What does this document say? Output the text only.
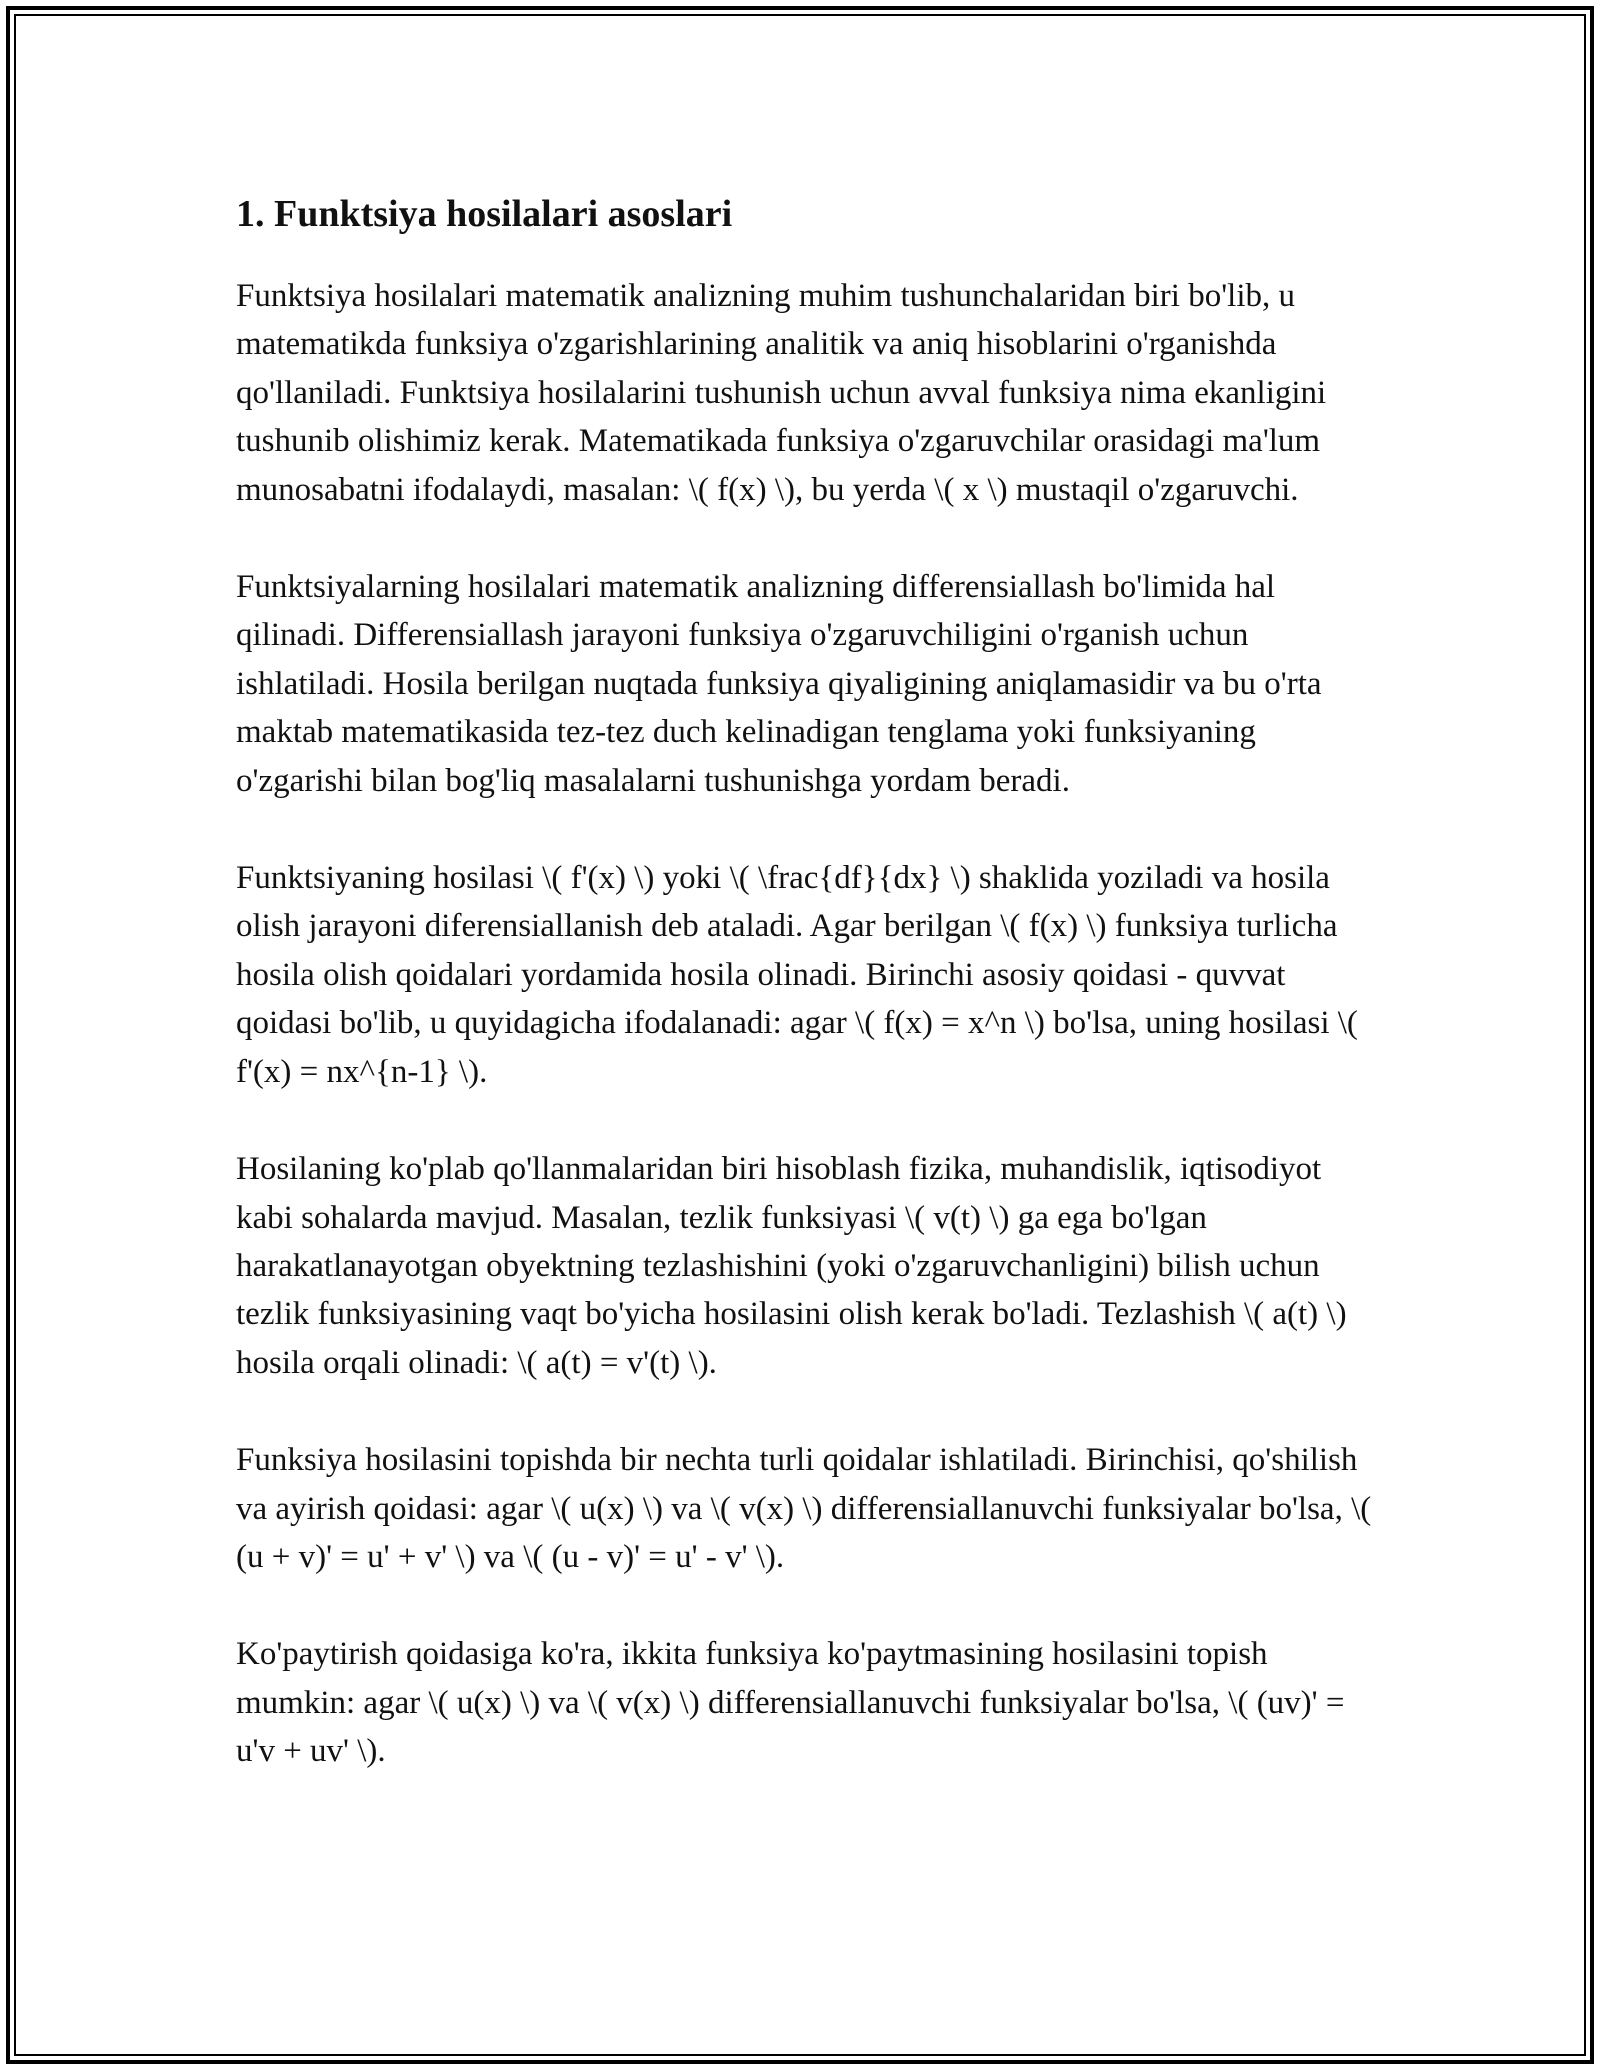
1. Funktsiya hosilalari asoslari

Funktsiya hosilalari matematik analizning muhim tushunchalaridan biri bo'lib, u matematikda funksiya o'zgarishlarining analitik va aniq hisoblarini o'rganishda qo'llaniladi. Funktsiya hosilalarini tushunish uchun avval funksiya nima ekanligini tushunib olishimiz kerak. Matematikada funksiya o'zgaruvchilar orasidagi ma'lum munosabatni ifodalaydi, masalan: \( f(x) \), bu yerda \( x \) mustaqil o'zgaruvchi.

Funktsiyalarning hosilalari matematik analizning differensiallash bo'limida hal qilinadi. Differensiallash jarayoni funksiya o'zgaruvchiligini o'rganish uchun ishlatiladi. Hosila berilgan nuqtada funksiya qiyaligining aniqlamasidir va bu o'rta maktab matematikasida tez-tez duch kelinadigan tenglama yoki funksiyaning o'zgarishi bilan bog'liq masalalarni tushunishga yordam beradi.

Funktsiyaning hosilasi \( f'(x) \) yoki \( \frac{df}{dx} \) shaklida yoziladi va hosila olish jarayoni diferensiallanish deb ataladi. Agar berilgan \( f(x) \) funksiya turlicha hosila olish qoidalari yordamida hosila olinadi. Birinchi asosiy qoidasi - quvvat qoidasi bo'lib, u quyidagicha ifodalanadi: agar \( f(x) = x^n \) bo'lsa, uning hosilasi \( f'(x) = nx^{n-1} \).

Hosilaning ko'plab qo'llanmalaridan biri hisoblash fizika, muhandislik, iqtisodiyot kabi sohalarda mavjud. Masalan, tezlik funksiyasi \( v(t) \) ga ega bo'lgan harakatlanayotgan obyektning tezlashishini (yoki o'zgaruvchanligini) bilish uchun tezlik funksiyasining vaqt bo'yicha hosilasini olish kerak bo'ladi. Tezlashish \( a(t) \) hosila orqali olinadi: \( a(t) = v'(t) \).

Funksiya hosilasini topishda bir nechta turli qoidalar ishlatiladi. Birinchisi, qo'shilish va ayirish qoidasi: agar \( u(x) \) va \( v(x) \) differensiallanuvchi funksiyalar bo'lsa, \( (u + v)' = u' + v' \) va \( (u - v)' = u' - v' \).

Ko'paytirish qoidasiga ko'ra, ikkita funksiya ko'paytmasining hosilasini topish mumkin: agar \( u(x) \) va \( v(x) \) differensiallanuvchi funksiyalar bo'lsa, \( (uv)' = u'v + uv' \).
